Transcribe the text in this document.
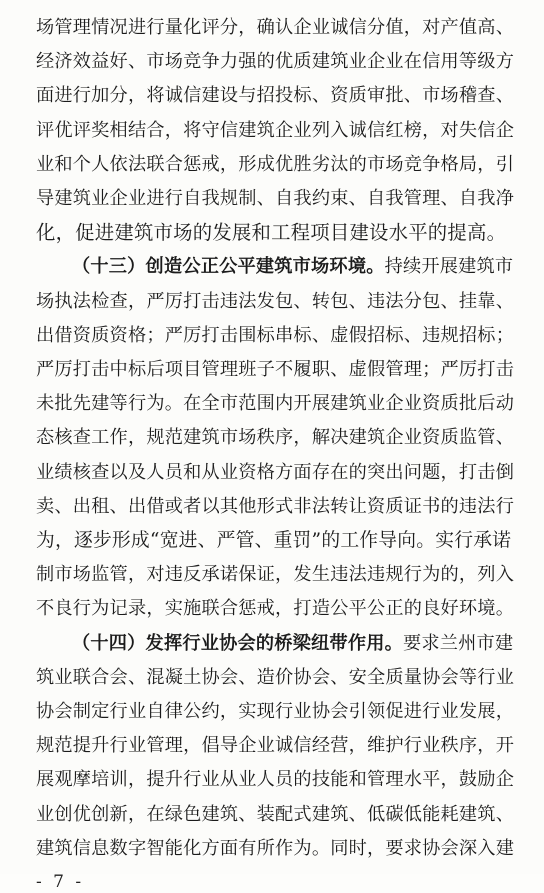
场管理情况进行量化评分，确认企业诚信分值，对产值高、
经济效益好、市场竞争力强的优质建筑业企业在信用等级方
面进行加分，将诚信建设与招投标、资质审批、市场稽查、
评优评奖相结合，将守信建筑企业列入诚信红榜，对失信企
业和个人依法联合惩戒，形成优胜劣汰的市场竞争格局，引
导建筑业企业进行自我规制、自我约束、自我管理、自我净
化，促进建筑市场的发展和工程项目建设水平的提高。
（十三）创造公正公平建筑市场环境。持续开展建筑市
场执法检查，严厉打击违法发包、转包、违法分包、挂靠、
出借资质资格；严厉打击围标串标、虚假招标、违规招标；
严厉打击中标后项目管理班子不履职、虚假管理；严厉打击
未批先建等行为。在全市范围内开展建筑业企业资质批后动
态核查工作，规范建筑市场秩序，解决建筑企业资质监管、
业绩核查以及人员和从业资格方面存在的突出问题，打击倒
卖、出租、出借或者以其他形式非法转让资质证书的违法行
为，逐步形成“宽进、严管、重罚”的工作导向。实行承诺
制市场监管，对违反承诺保证，发生违法违规行为的，列入
不良行为记录，实施联合惩戒，打造公平公正的良好环境。
（十四）发挥行业协会的桥梁纽带作用。要求兰州市建
筑业联合会、混凝土协会、造价协会、安全质量协会等行业
协会制定行业自律公约，实现行业协会引领促进行业发展，
规范提升行业管理，倡导企业诚信经营，维护行业秩序，开
展观摩培训，提升行业从业人员的技能和管理水平，鼓励企
业创优创新，在绿色建筑、装配式建筑、低碳低能耗建筑、
建筑信息数字智能化方面有所作为。同时，要求协会深入建
- 7 -
